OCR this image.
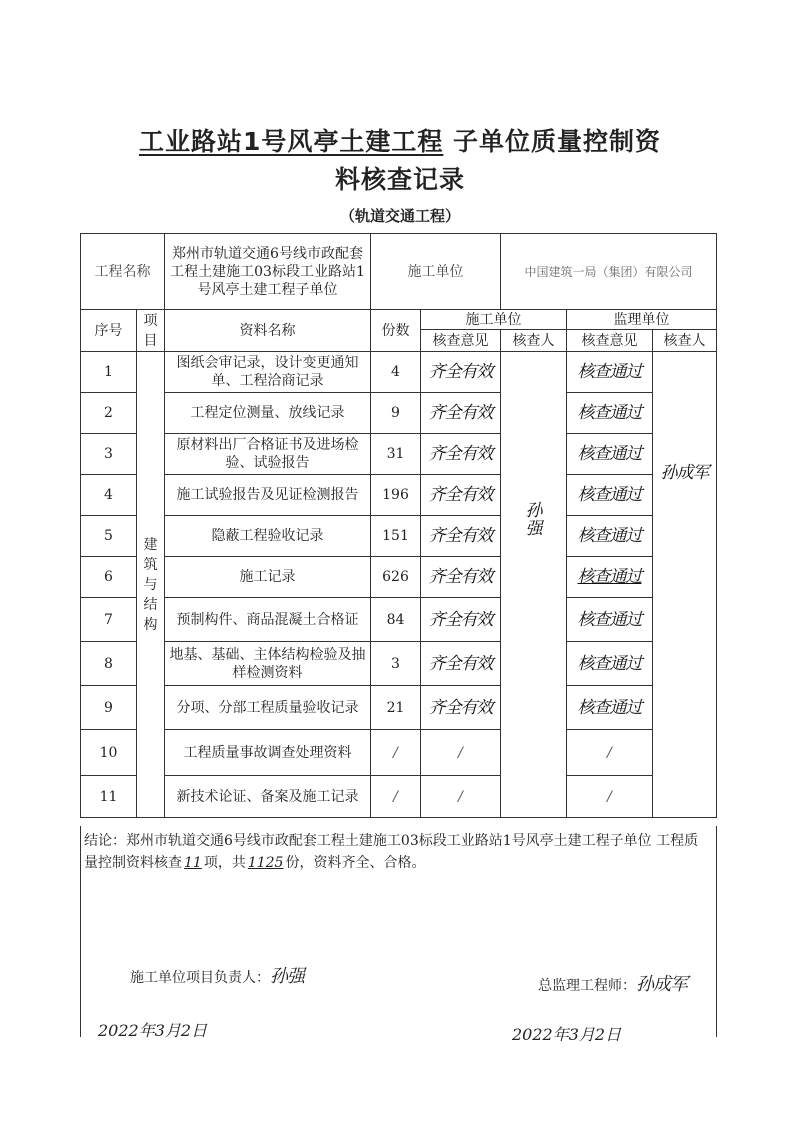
工业路站1号风亭土建工程 子单位质量控制资
料核查记录
（轨道交通工程）
工程名称		郑州市轨道交通6号线市政配套工程土建施工03标段工业路站1号风亭土建工程子单位	施工单位		中国建筑一局（集团）有限公司		
序号	项目	资料名称	份数	施工单位		监理单位	
				核查意见	核查人	核查意见	核查人
1	建筑与结构	图纸会审记录，设计变更通知单、工程洽商记录	4	齐全有效	孙强	核查通过	孙成军
2		工程定位测量、放线记录	9	齐全有效		核查通过	
3		原材料出厂合格证书及进场检验、试验报告	31	齐全有效		核查通过	
4		施工试验报告及见证检测报告	196	齐全有效		核查通过	
5		隐蔽工程验收记录	151	齐全有效		核查通过	
6		施工记录	626	齐全有效		核查通过	
7		预制构件、商品混凝土合格证	84	齐全有效		核查通过	
8		地基、基础、主体结构检验及抽样检测资料	3	齐全有效		核查通过	
9		分项、分部工程质量验收记录	21	齐全有效		核查通过	
10		工程质量事故调查处理资料	/	/		/	
11		新技术论证、备案及施工记录	/	/		/	
结论：郑州市轨道交通6号线市政配套工程土建施工03标段工业路站1号风亭土建工程子单位 工程质量控制资料核查 11 项，共 1125 份，资料齐全、合格。
施工单位项目负责人：孙强	总监理工程师：孙成军
2022年3月2日	2022年3月2日
